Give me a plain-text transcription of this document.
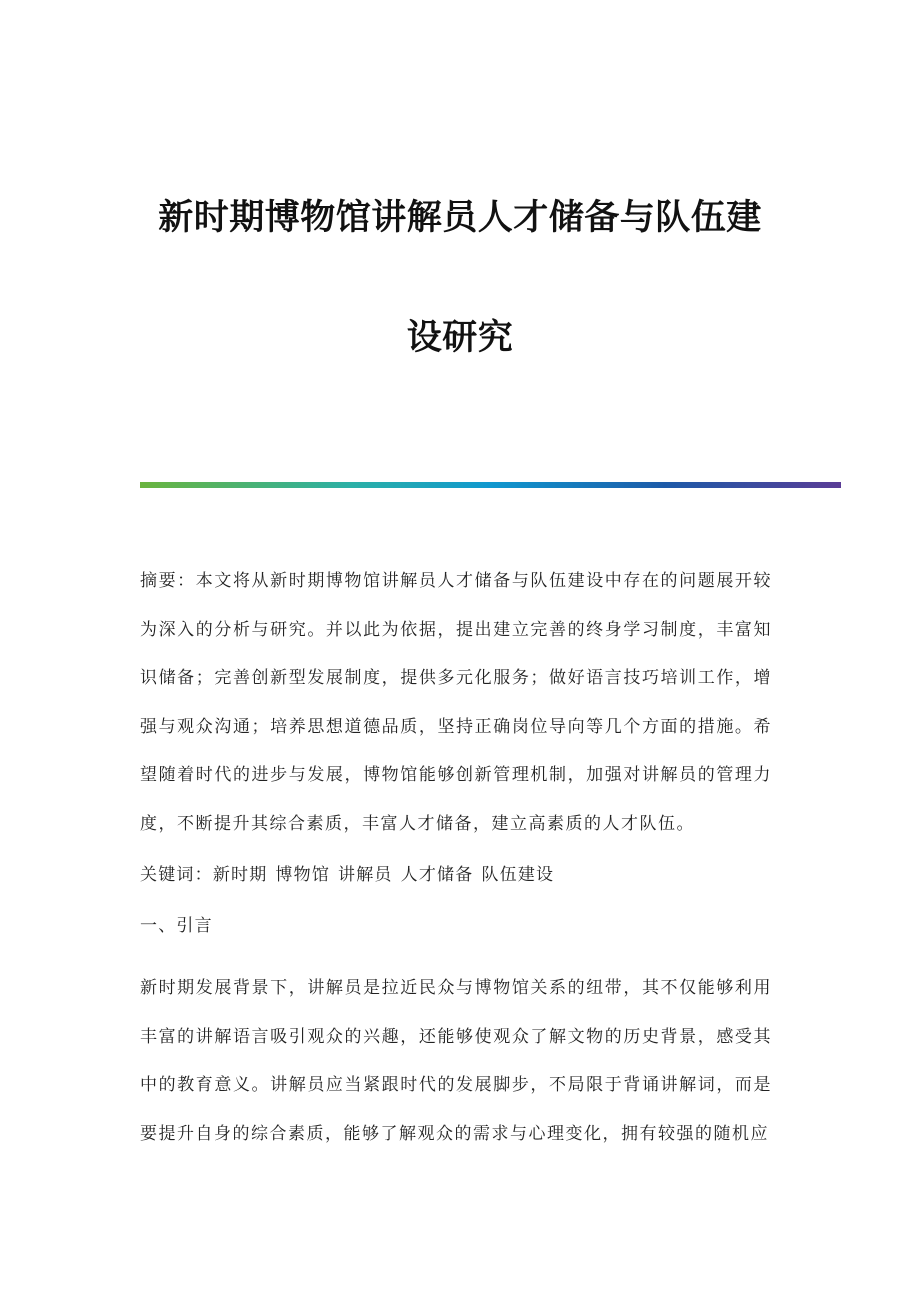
新时期博物馆讲解员人才储备与队伍建
设研究

摘要：本文将从新时期博物馆讲解员人才储备与队伍建设中存在的问题展开较为深入的分析与研究。并以此为依据，提出建立完善的终身学习制度，丰富知识储备；完善创新型发展制度，提供多元化服务；做好语言技巧培训工作，增强与观众沟通；培养思想道德品质，坚持正确岗位导向等几个方面的措施。希望随着时代的进步与发展，博物馆能够创新管理机制，加强对讲解员的管理力度，不断提升其综合素质，丰富人才储备，建立高素质的人才队伍。

关键词：新时期 博物馆 讲解员 人才储备 队伍建设

一、引言

新时期发展背景下，讲解员是拉近民众与博物馆关系的纽带，其不仅能够利用丰富的讲解语言吸引观众的兴趣，还能够使观众了解文物的历史背景，感受其中的教育意义。讲解员应当紧跟时代的发展脚步，不局限于背诵讲解词，而是要提升自身的综合素质，能够了解观众的需求与心理变化，拥有较强的随机应
